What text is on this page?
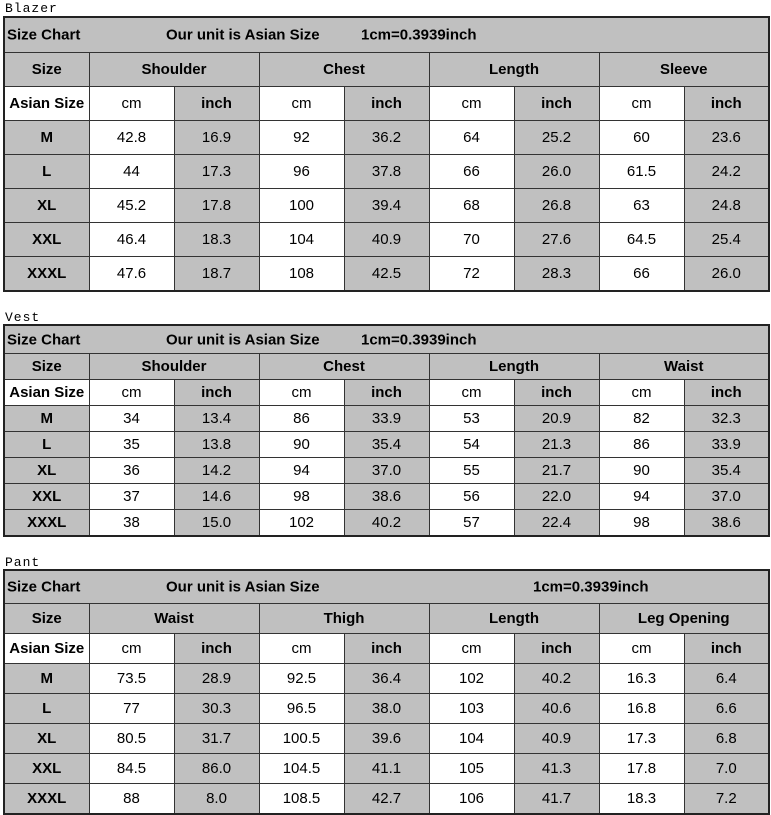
Blazer
Size Chart Our unit is Asian Size 1cm=0.3939inch								

Size	Shoulder		Chest		Length		Sleeve	
Asian Size	cm	inch	cm	inch	cm	inch	cm	inch
M	42.8	16.9	92	36.2	64	25.2	60	23.6
L	44	17.3	96	37.8	66	26.0	61.5	24.2
XL	45.2	17.8	100	39.4	68	26.8	63	24.8
XXL	46.4	18.3	104	40.9	70	27.6	64.5	25.4
XXXL	47.6	18.7	108	42.5	72	28.3	66	26.0
Vest
Size Chart Our unit is Asian Size 1cm=0.3939inch								

Size	Shoulder		Chest		Length		Waist	
Asian Size	cm	inch	cm	inch	cm	inch	cm	inch
M	34	13.4	86	33.9	53	20.9	82	32.3
L	35	13.8	90	35.4	54	21.3	86	33.9
XL	36	14.2	94	37.0	55	21.7	90	35.4
XXL	37	14.6	98	38.6	56	22.0	94	37.0
XXXL	38	15.0	102	40.2	57	22.4	98	38.6
Pant
Size Chart Our unit is Asian Size 1cm=0.3939inch								

Size	Waist		Thigh		Length		Leg Opening	
Asian Size	cm	inch	cm	inch	cm	inch	cm	inch
M	73.5	28.9	92.5	36.4	102	40.2	16.3	6.4
L	77	30.3	96.5	38.0	103	40.6	16.8	6.6
XL	80.5	31.7	100.5	39.6	104	40.9	17.3	6.8
XXL	84.5	86.0	104.5	41.1	105	41.3	17.8	7.0
XXXL	88	8.0	108.5	42.7	106	41.7	18.3	7.2
